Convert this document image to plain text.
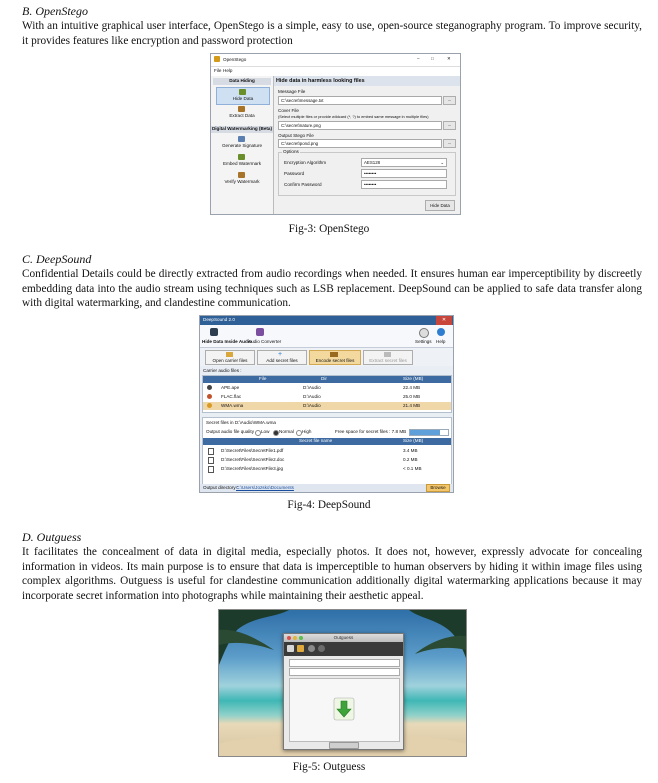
B. OpenStego
With an intuitive graphical user interface, OpenStego is a simple, easy to use, open-source steganography program. To improve security, it provides features like encryption and password protection
OpenStego	– □	✕
File Help
Data Hiding
Hide Data
Extract Data
Digital Watermarking (Beta)
Generate Signature
Embed Watermark
Verify Watermark
Hide data in harmless looking files
Message File
C:\secret\message.txt	...
Cover File
(Select multiple files or provide wildcard (*, ?) to embed same message in multiple files)
C:\secret\nature.png	...
Output Stego File
C:\secret\pond.png	...
Options
Encryption Algorithm	AES128	⌄
Password	••••••••
Confirm Password	••••••••
Hide Data
Fig-3: OpenStego
C. DeepSound
Confidential Details could be directly extracted from audio recordings when needed. It ensures human ear imperceptibility by discreetly embedding data into the audio stream using techniques such as LSB replacement. DeepSound can be applied to safe data transfer along with digital watermarking, and clandestine communication.
DeepSound 2.0	✕
Hide Data Inside Audio
Audio Converter	Settings Help
Open carrier files
+
Add secret files	Encode secret files	Extract secret files
Carrier audio files :
File	Dir	Size (MB)
APE.ape	D:\Audio	22.4 MB
FLAC.flac	D:\Audio	25.0 MB
WMA.wma	D:\Audio	21.4 MB
Secret files in D:\Audio\WMA.wma
Output audio file quality Low Normal High	Free space for secret files : 7.8 MB
Secret file name	Size (MB)
D:\Secret\Files\SecretFile1.pdf	3.4 MB
D:\Secret\Files\SecretFile2.doc	0.2 MB
D:\Secret\Files\SecretFile3.jpg	< 0.1 MB
Output directory :
C:\Users\Jozsko\Documents	Browse
Fig-4: DeepSound
D. Outguess
It facilitates the concealment of data in digital media, especially photos. It does not, however, expressly advocate for concealing information in videos. Its main purpose is to ensure that data is imperceptible to human observers by hiding it within image files using complex algorithms. Outguess is useful for clandestine communication additionally digital watermarking applications because it may incorporate secret information into photographs while maintaining their aesthetic appeal.
Outguess
Fig-5: Outguess
